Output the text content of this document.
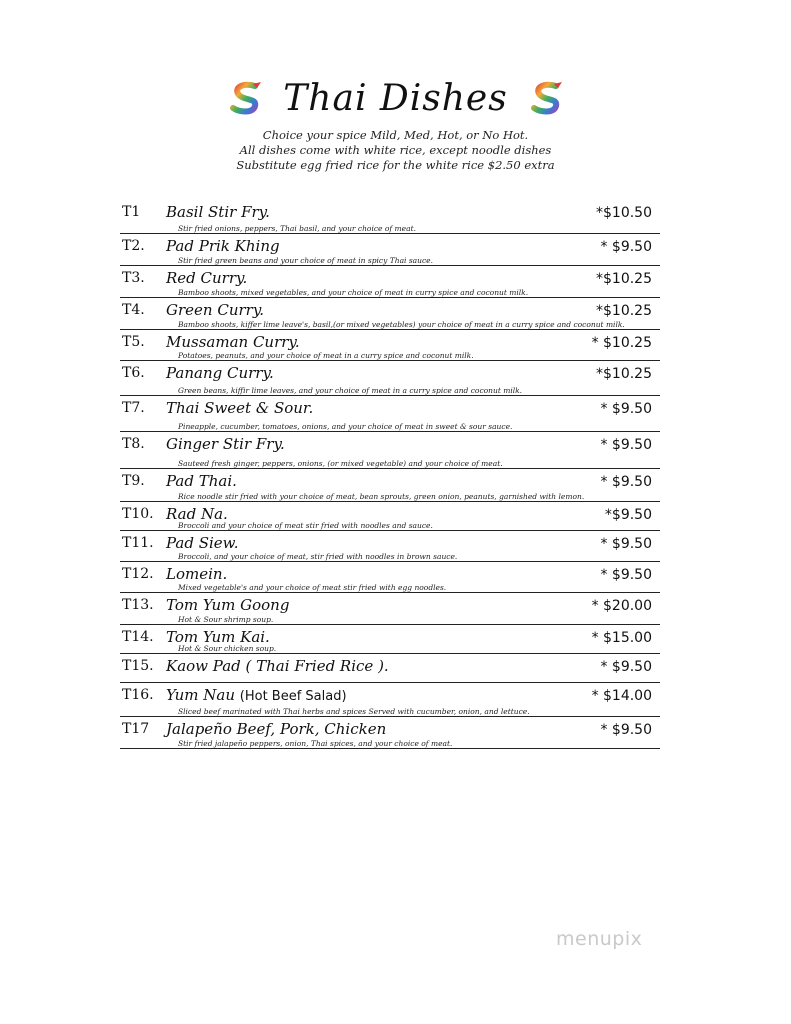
Thai Dishes
Choice your spice Mild, Med, Hot, or No Hot.
All dishes come with white rice, except noodle dishes
Substitute egg fried rice for the white rice $2.50 extra
T1 Basil Stir Fry.
Stir fried onions, peppers, Thai basil, and your choice of meat.
*$10.50
T2. Pad Prik Khing
Stir fried green beans and your choice of meat in spicy Thai sauce.
* $9.50
T3. Red Curry.
Bamboo shoots, mixed vegetables, and your choice of meat in curry spice and coconut milk.
*$10.25
T4. Green Curry.
Bamboo shoots, kiffer lime leave's, basil,(or mixed vegetables) your choice of meat in a curry spice and coconut milk.
*$10.25
T5. Mussaman Curry.
Potatoes, peanuts, and your choice of meat in a curry spice and coconut milk.
* $10.25
T6. Panang Curry.
Green beans, kiffir lime leaves, and your choice of meat in a curry spice and coconut milk.
*$10.25
T7. Thai Sweet & Sour.
Pineapple, cucumber, tomatoes, onions, and your choice of meat in sweet & sour sauce.
* $9.50
T8. Ginger Stir Fry.
Sauteed fresh ginger, peppers, onions, (or mixed vegetable) and your choice of meat.
* $9.50
T9. Pad Thai.
Rice noodle stir fried with your choice of meat, bean sprouts, green onion, peanuts, garnished with lemon.
* $9.50
T10. Rad Na.
Broccoli and your choice of meat stir fried with noodles and sauce.
*$9.50
T11. Pad Siew.
Broccoli, and your choice of meat, stir fried with noodles in brown sauce.
* $9.50
T12. Lomein.
Mixed vegetable's and your choice of meat stir fried with egg noodles.
* $9.50
T13. Tom Yum Goong
Hot & Sour shrimp soup.
* $20.00
T14. Tom Yum Kai.
Hot & Sour chicken soup.
* $15.00
T15. Kaow Pad ( Thai Fried Rice ).	* $9.50
T16. Yum Nau (Hot Beef Salad)
Sliced beef marinated with Thai herbs and spices Served with cucumber, onion, and lettuce.
* $14.00
T17 Jalapeño Beef, Pork, Chicken
Stir fried jalapeño peppers, onion, Thai spices, and your choice of meat.
* $9.50
menupix
